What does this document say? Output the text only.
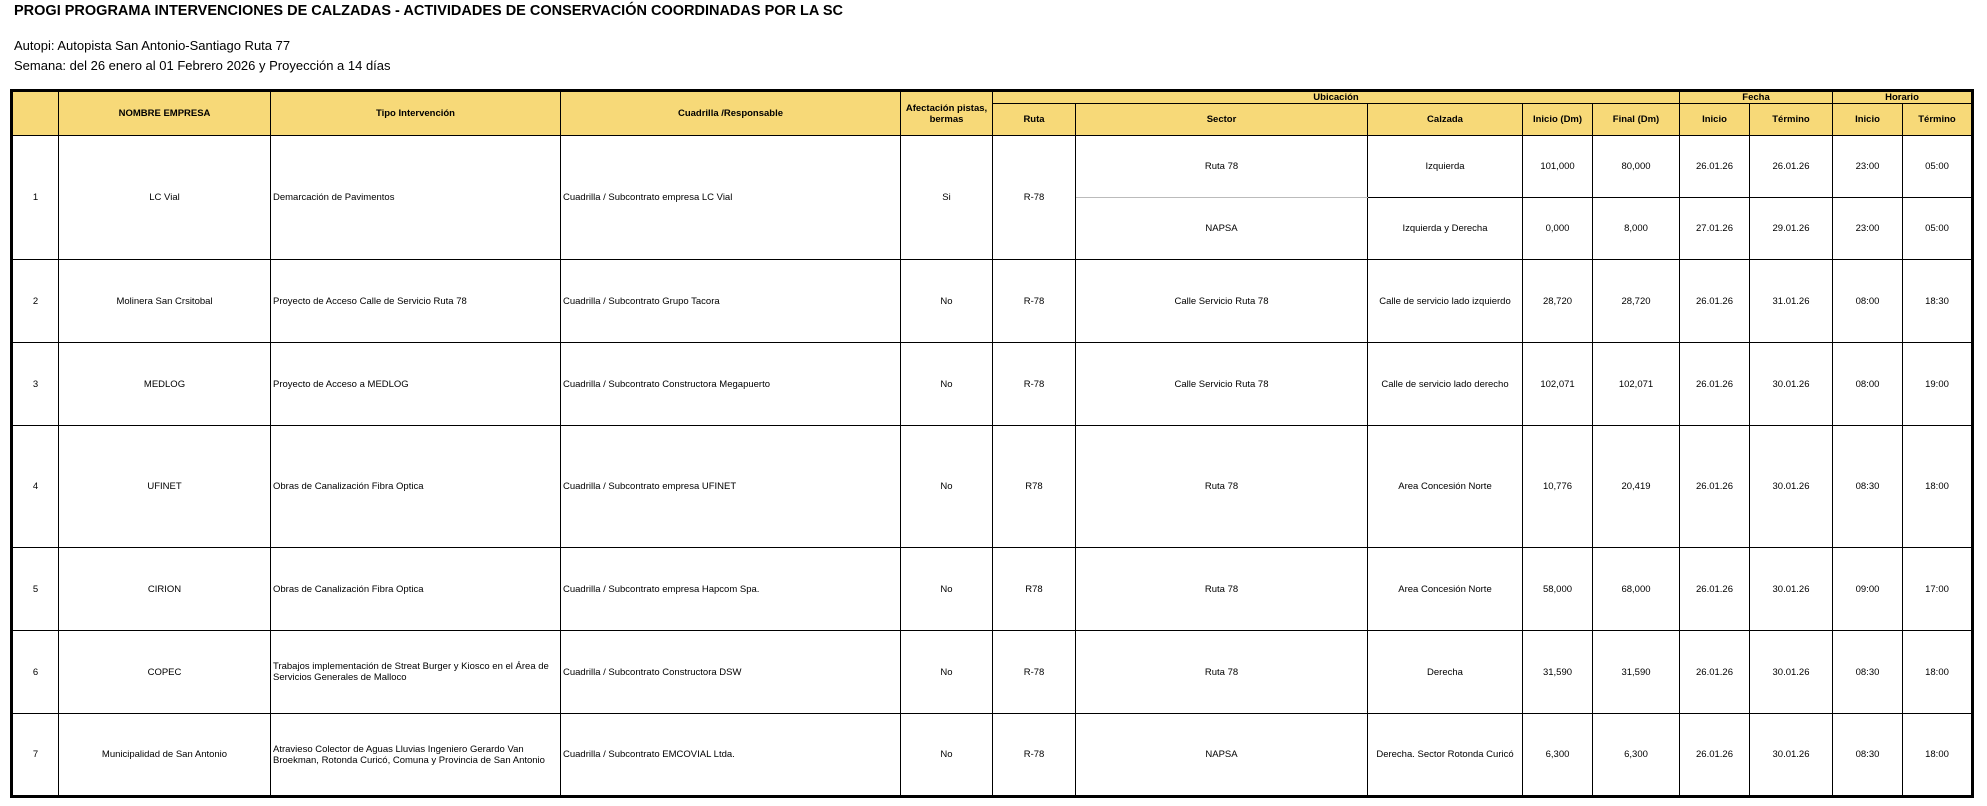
PROGI PROGRAMA INTERVENCIONES DE CALZADAS - ACTIVIDADES DE CONSERVACIÓN COORDINADAS POR LA SC
Autopi: Autopista San Antonio-Santiago Ruta 77
Semana: del 26 enero al 01 Febrero 2026 y Proyección a 14 días
	NOMBRE EMPRESA	Tipo Intervención	Cuadrilla /Responsable	Afectación pistas, bermas	Ubicación					Fecha		Horario	
					Ruta	Sector	Calzada	Inicio (Dm)	Final (Dm)	Inicio	Término	Inicio	Término
1	LC Vial	Demarcación de Pavimentos	Cuadrilla / Subcontrato empresa LC Vial	Si	R-78	Ruta 78	Izquierda	101,000	80,000	26.01.26	26.01.26	23:00	05:00
						NAPSA	Izquierda y Derecha	0,000	8,000	27.01.26	29.01.26	23:00	05:00
2	Molinera San Crsitobal	Proyecto de Acceso Calle de Servicio Ruta 78	Cuadrilla / Subcontrato Grupo Tacora	No	R-78	Calle Servicio Ruta 78	Calle de servicio lado izquierdo	28,720	28,720	26.01.26	31.01.26	08:00	18:30
3	MEDLOG	Proyecto de Acceso a MEDLOG	Cuadrilla / Subcontrato Constructora Megapuerto	No	R-78	Calle Servicio Ruta 78	Calle de servicio lado derecho	102,071	102,071	26.01.26	30.01.26	08:00	19:00
4	UFINET	Obras de Canalización Fibra Optica	Cuadrilla / Subcontrato empresa UFINET	No	R78	Ruta 78	Area Concesión Norte	10,776	20,419	26.01.26	30.01.26	08:30	18:00
5	CIRION	Obras de Canalización Fibra Optica	Cuadrilla / Subcontrato empresa Hapcom Spa.	No	R78	Ruta 78	Area Concesión Norte	58,000	68,000	26.01.26	30.01.26	09:00	17:00
6	COPEC	Trabajos implementación de Streat Burger y Kiosco en el Área de Servicios Generales de Malloco	Cuadrilla / Subcontrato Constructora DSW	No	R-78	Ruta 78	Derecha	31,590	31,590	26.01.26	30.01.26	08:30	18:00
7	Municipalidad de San Antonio	Atravieso Colector de Aguas Lluvias Ingeniero Gerardo Van Broekman, Rotonda Curicó, Comuna y Provincia de San Antonio	Cuadrilla / Subcontrato EMCOVIAL Ltda.	No	R-78	NAPSA	Derecha. Sector Rotonda Curicó	6,300	6,300	26.01.26	30.01.26	08:30	18:00
